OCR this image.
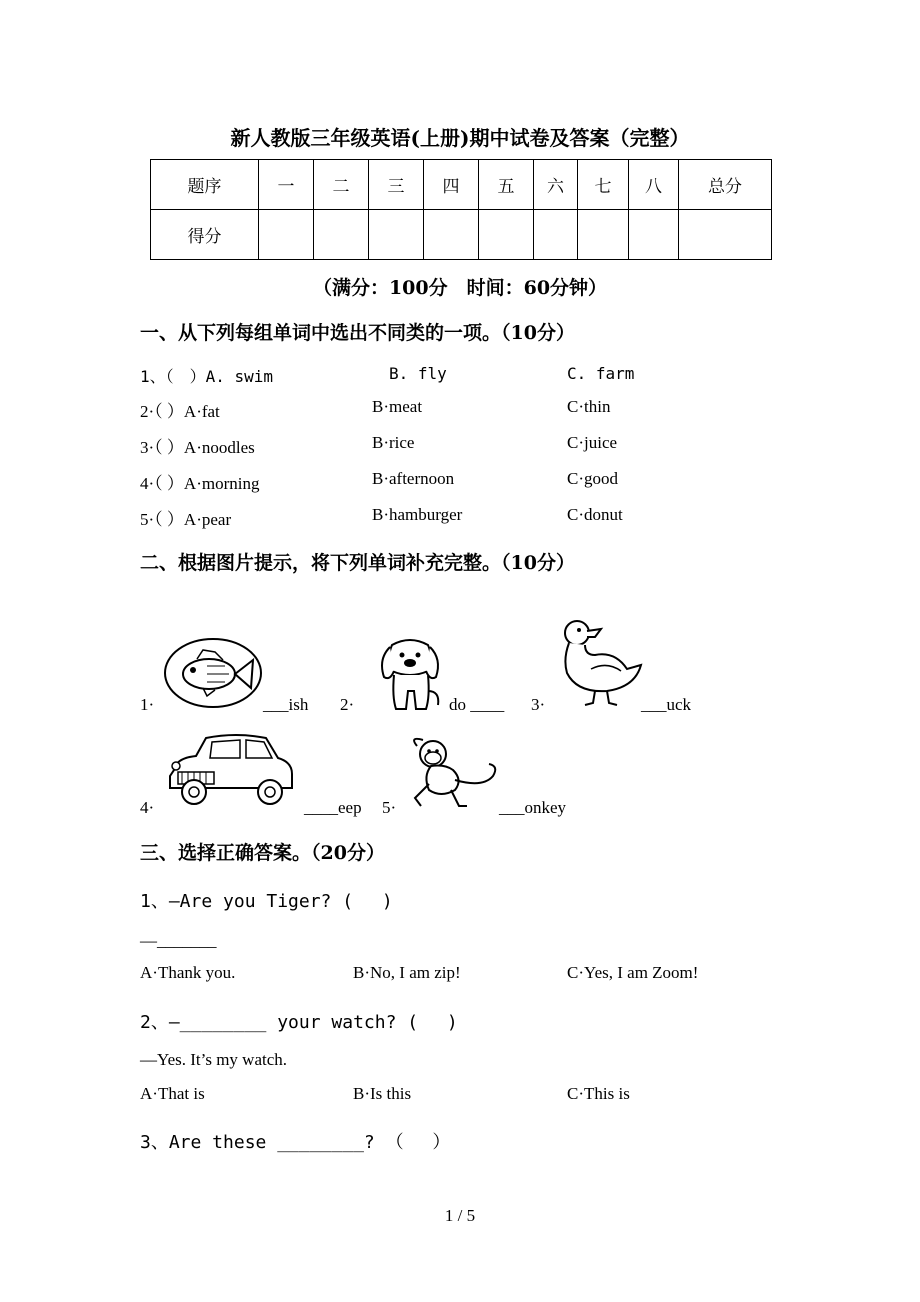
新人教版三年级英语(上册)期中试卷及答案（完整）
题序	一	二	三	四	五	六	七	八	总分
得分									
（满分：100分　时间：60分钟）
一、从下列每组单词中选出不同类的一项。（10分）
1、（　）A. swim	B. fly	C. farm
2·（ ）A·fat	B·meat	C·thin
3·（ ）A·noodles	B·rice	C·juice
4·（ ）A·morning	B·afternoon	C·good
5·（ ）A·pear	B·hamburger	C·donut
二、根据图片提示，将下列单词补充完整。（10分）
1·	___ish 2·	do ____ 3·	___uck
4·	____eep 5·	___onkey
三、选择正确答案。（20分）
1、—Are you Tiger? (　 )
—_______
A·Thank you.	B·No, I am zip!	C·Yes, I am Zoom!
2、—________ your watch? (　 )
—Yes. It’s my watch.
A·That is	B·Is this	C·This is
3、Are these ________? （　 ）
1 / 5
